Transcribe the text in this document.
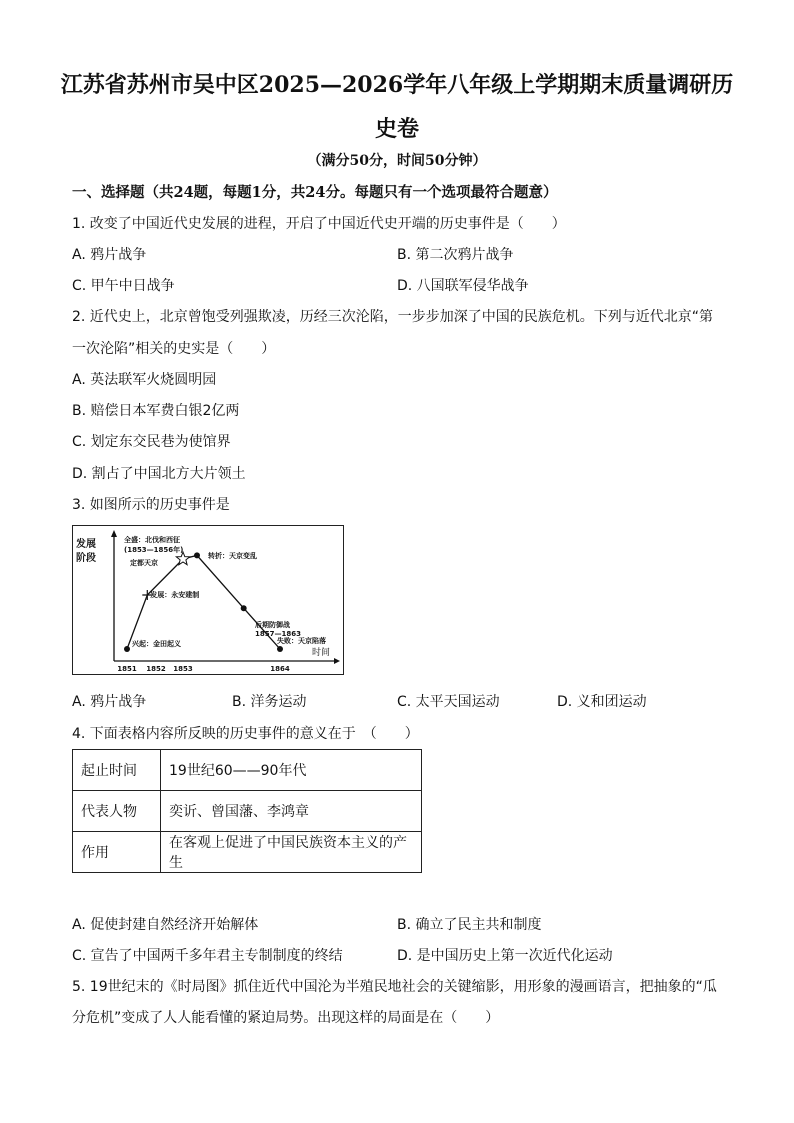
江苏省苏州市吴中区2025—2026学年八年级上学期期末质量调研历
史卷
（满分50分，时间50分钟）
一、选择题（共24题，每题1分，共24分。每题只有一个选项最符合题意）
1. 改变了中国近代史发展的进程，开启了中国近代史开端的历史事件是（　　）
A. 鸦片战争	B. 第二次鸦片战争
C. 甲午中日战争	D. 八国联军侵华战争
2. 近代史上，北京曾饱受列强欺凌，历经三次沦陷，一步步加深了中国的民族危机。下列与近代北京“第
一次沦陷”相关的史实是（　　）
A. 英法联军火烧圆明园
B. 赔偿日本军费白银2亿两
C. 划定东交民巷为使馆界
D. 割占了中国北方大片领土
3. 如图所示的历史事件是
发展
阶段
时间
1851 1852 1853	1864
兴起：金田起义
发展：永安建制
定都天京
转折：天京变乱
后期防御战
失败：天京陷落
全盛：北伐和西征
(1853—1856年)
1857—1863
A. 鸦片战争	B. 洋务运动	C. 太平天国运动	D. 义和团运动
4. 下面表格内容所反映的历史事件的意义在于　（　　）
起止时间	19世纪60——90年代
代表人物	奕䜣、曾国藩、李鸿章
作用	在客观上促进了中国民族资本主义的产生
A. 促使封建自然经济开始解体	B. 确立了民主共和制度
C. 宣告了中国两千多年君主专制制度的终结	D. 是中国历史上第一次近代化运动
5. 19世纪末的《时局图》抓住近代中国沦为半殖民地社会的关键缩影，用形象的漫画语言，把抽象的“瓜
分危机”变成了人人能看懂的紧迫局势。出现这样的局面是在（　　）
